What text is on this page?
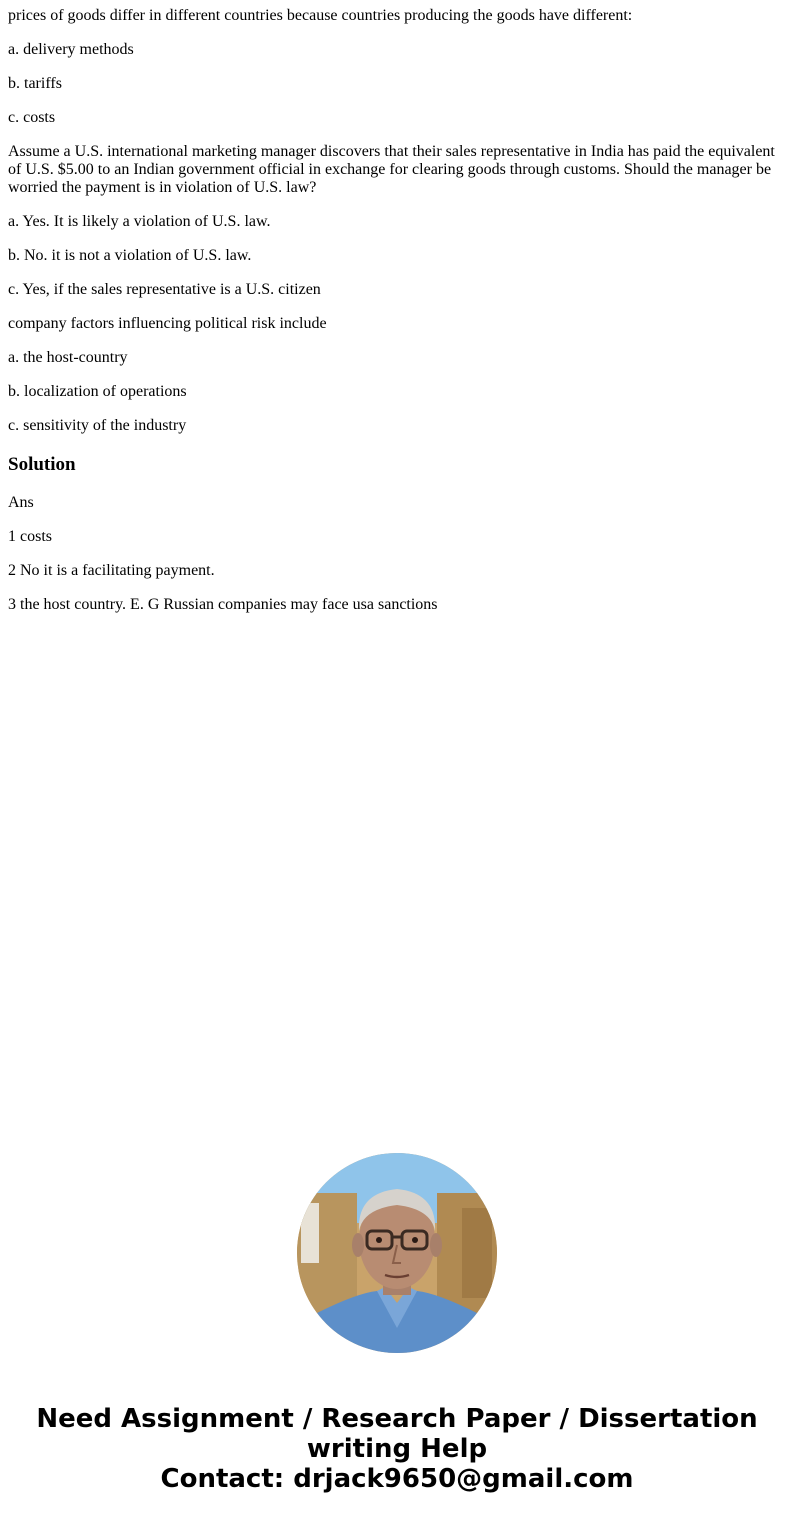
prices of goods differ in different countries because countries producing the goods have different:

a. delivery methods

b. tariffs

c. costs

Assume a U.S. international marketing manager discovers that their sales representative in India has paid the equivalent of U.S. $5.00 to an Indian government official in exchange for clearing goods through customs. Should the manager be worried the payment is in violation of U.S. law?

a. Yes. It is likely a violation of U.S. law.

b. No. it is not a violation of U.S. law.

c. Yes, if the sales representative is a U.S. citizen

company factors influencing political risk include

a. the host-country

b. localization of operations

c. sensitivity of the industry

Solution

Ans

1 costs

2 No it is a facilitating payment.

3 the host country. E. G Russian companies may face usa sanctions

Need Assignment / Research Paper / Dissertation
writing Help
Contact: drjack9650@gmail.com
